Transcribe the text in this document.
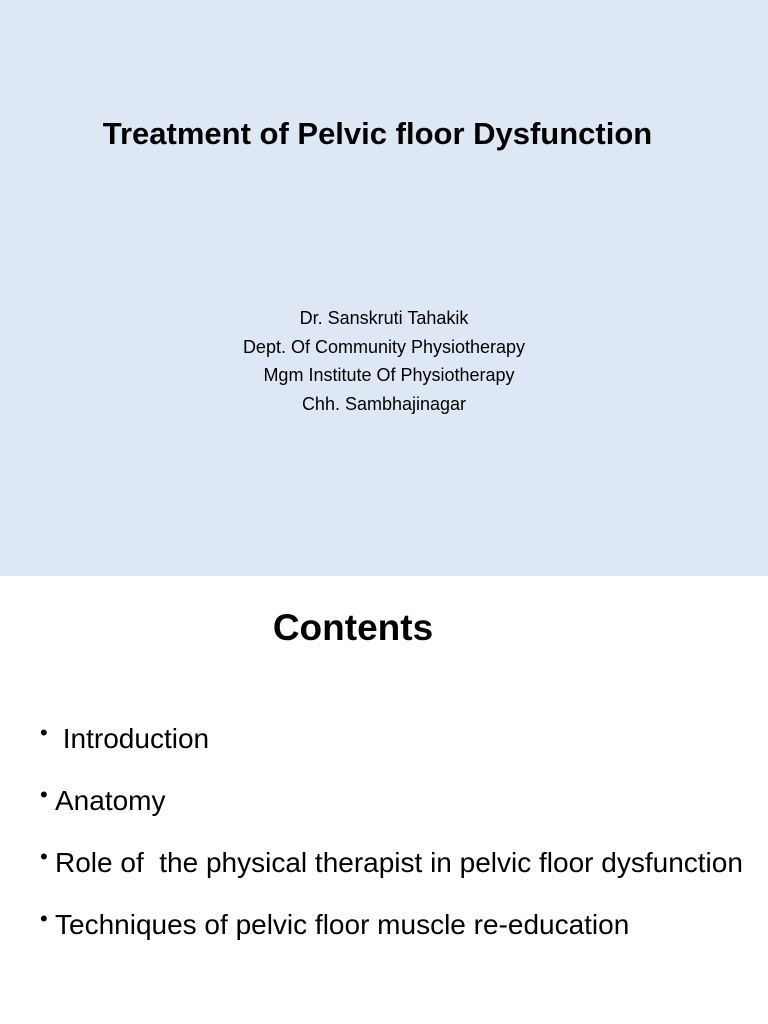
Treatment of Pelvic floor Dysfunction
Dr. Sanskruti Tahakik
Dept. Of Community Physiotherapy
Mgm Institute Of Physiotherapy
Chh. Sambhajinagar
Contents
• Introduction
• Anatomy
• Role of  the physical therapist in pelvic floor dysfunction
• Techniques of pelvic floor muscle re-education
